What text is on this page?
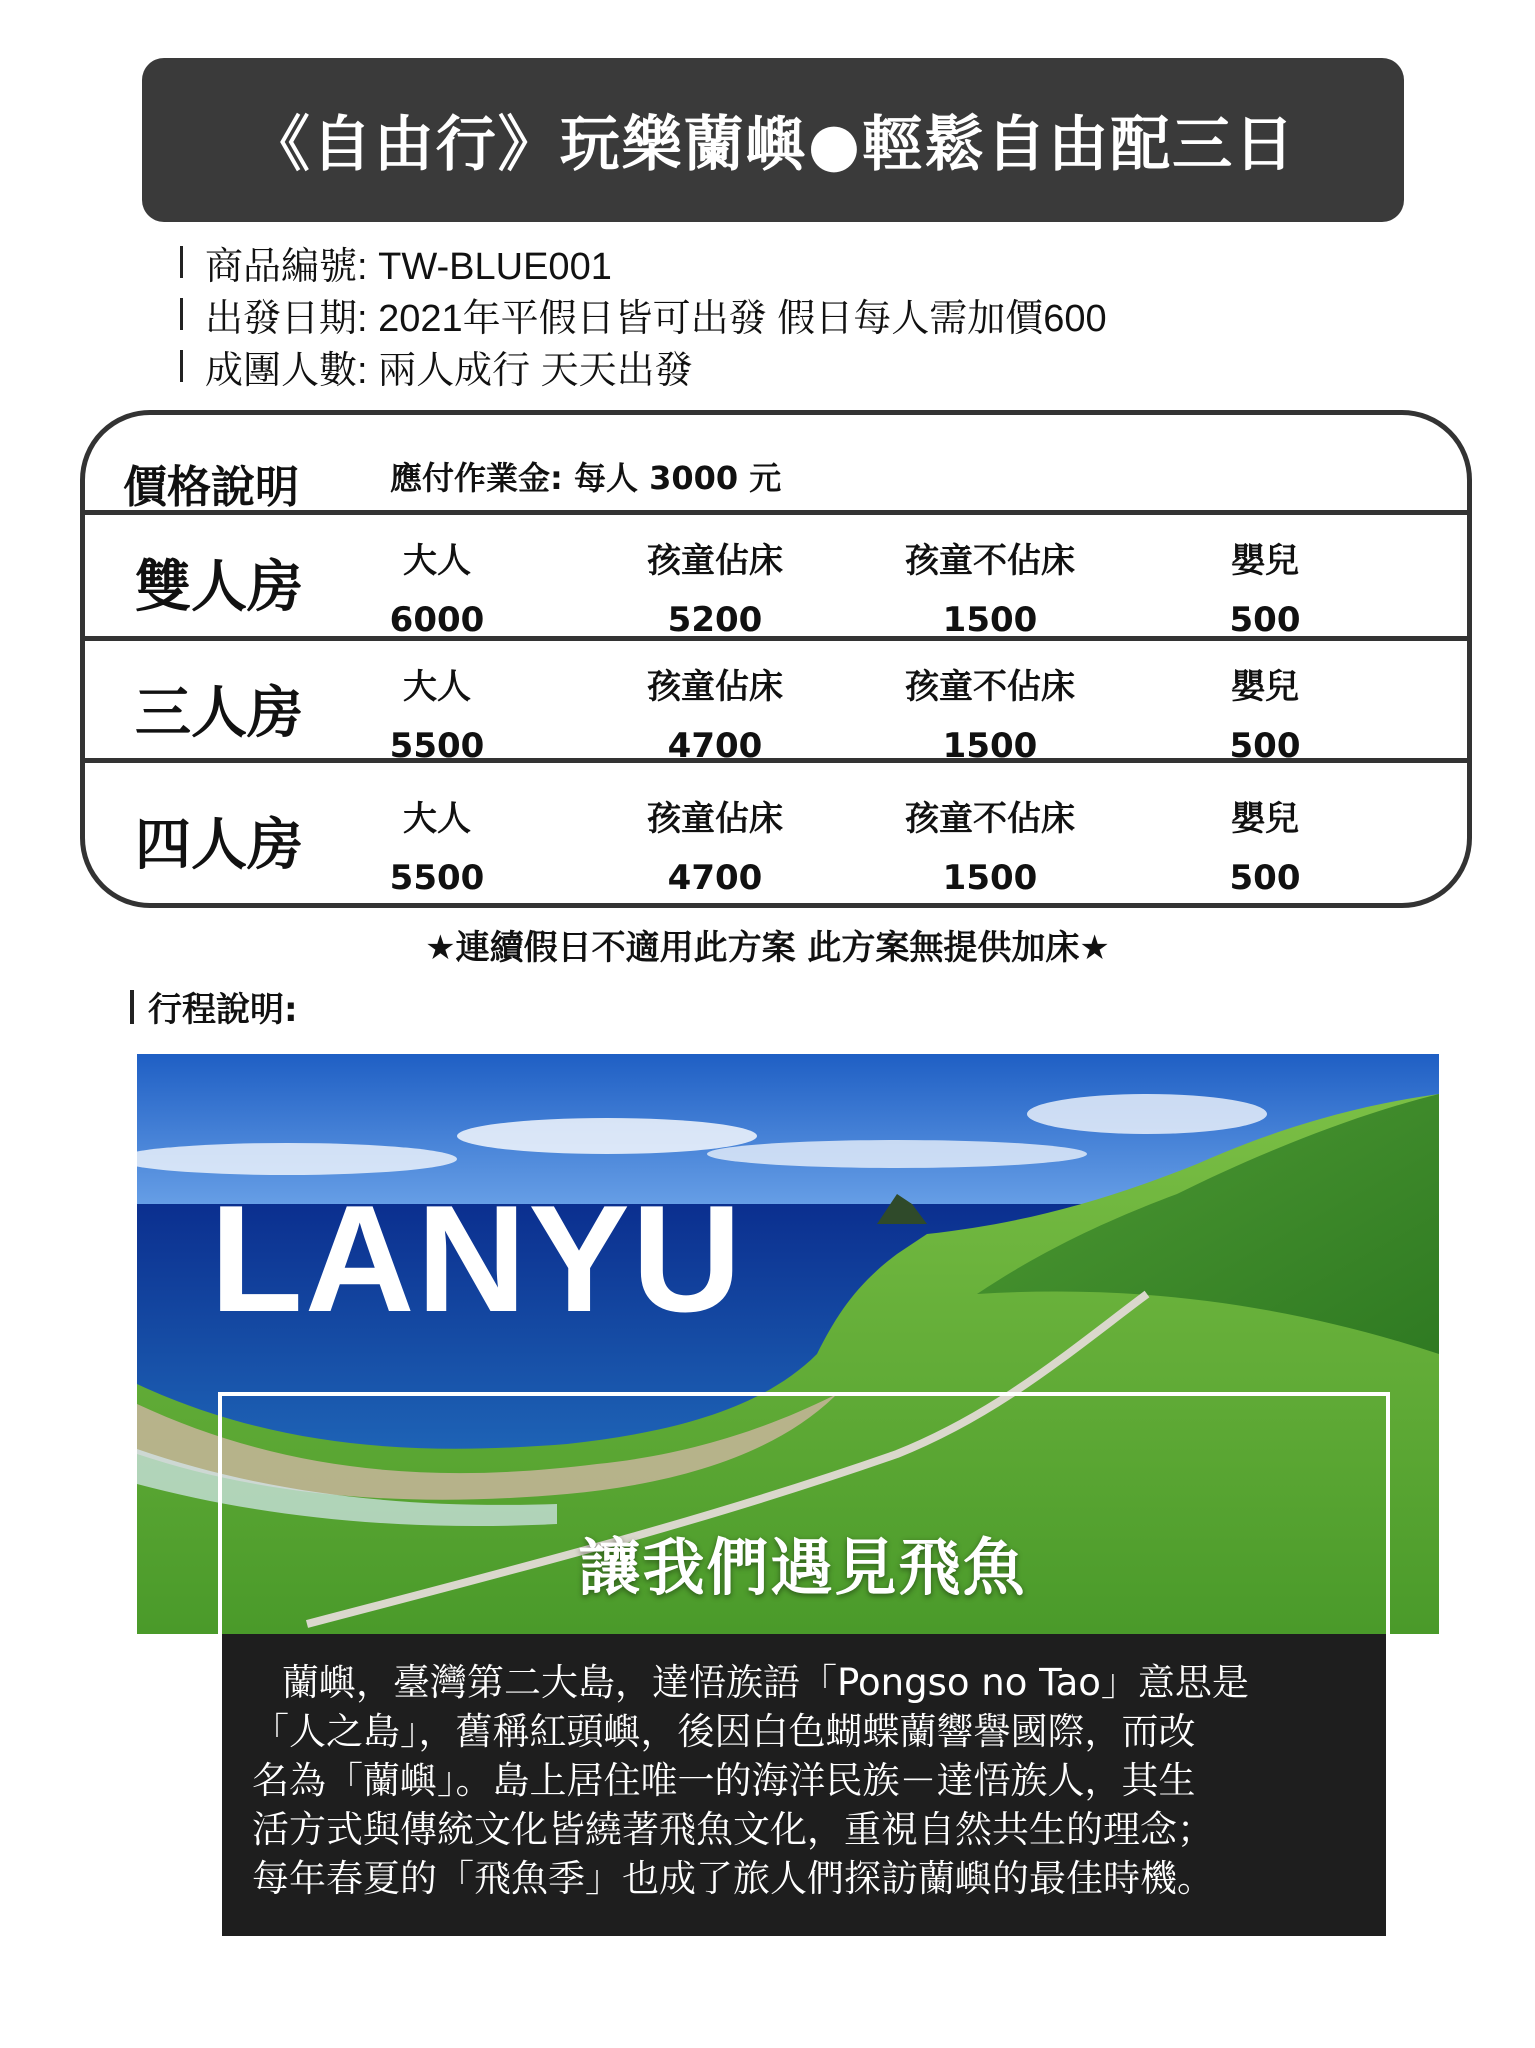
《自由行》玩樂蘭嶼●輕鬆自由配三日
商品編號: TW-BLUE001
出發日期: 2021年平假日皆可出發 假日每人需加價600
成團人數: 兩人成行 天天出發
價格說明	應付作業金: 每人 3000 元
雙人房	大人
6000
孩童佔床
5200
孩童不佔床
1500
嬰兒
500
三人房	大人
5500
孩童佔床
4700
孩童不佔床
1500
嬰兒
500
四人房	大人
5500
孩童佔床
4700
孩童不佔床
1500
嬰兒
500
★連續假日不適用此方案 此方案無提供加床★
行程說明:
LANYU
讓我們遇見飛魚
蘭嶼，臺灣第二大島，達悟族語「Pongso no Tao」意思是
「人之島」，舊稱紅頭嶼，後因白色蝴蝶蘭響譽國際，而改
名為「蘭嶼」。島上居住唯一的海洋民族－達悟族人，其生
活方式與傳統文化皆繞著飛魚文化，重視自然共生的理念；
每年春夏的「飛魚季」也成了旅人們探訪蘭嶼的最佳時機。
